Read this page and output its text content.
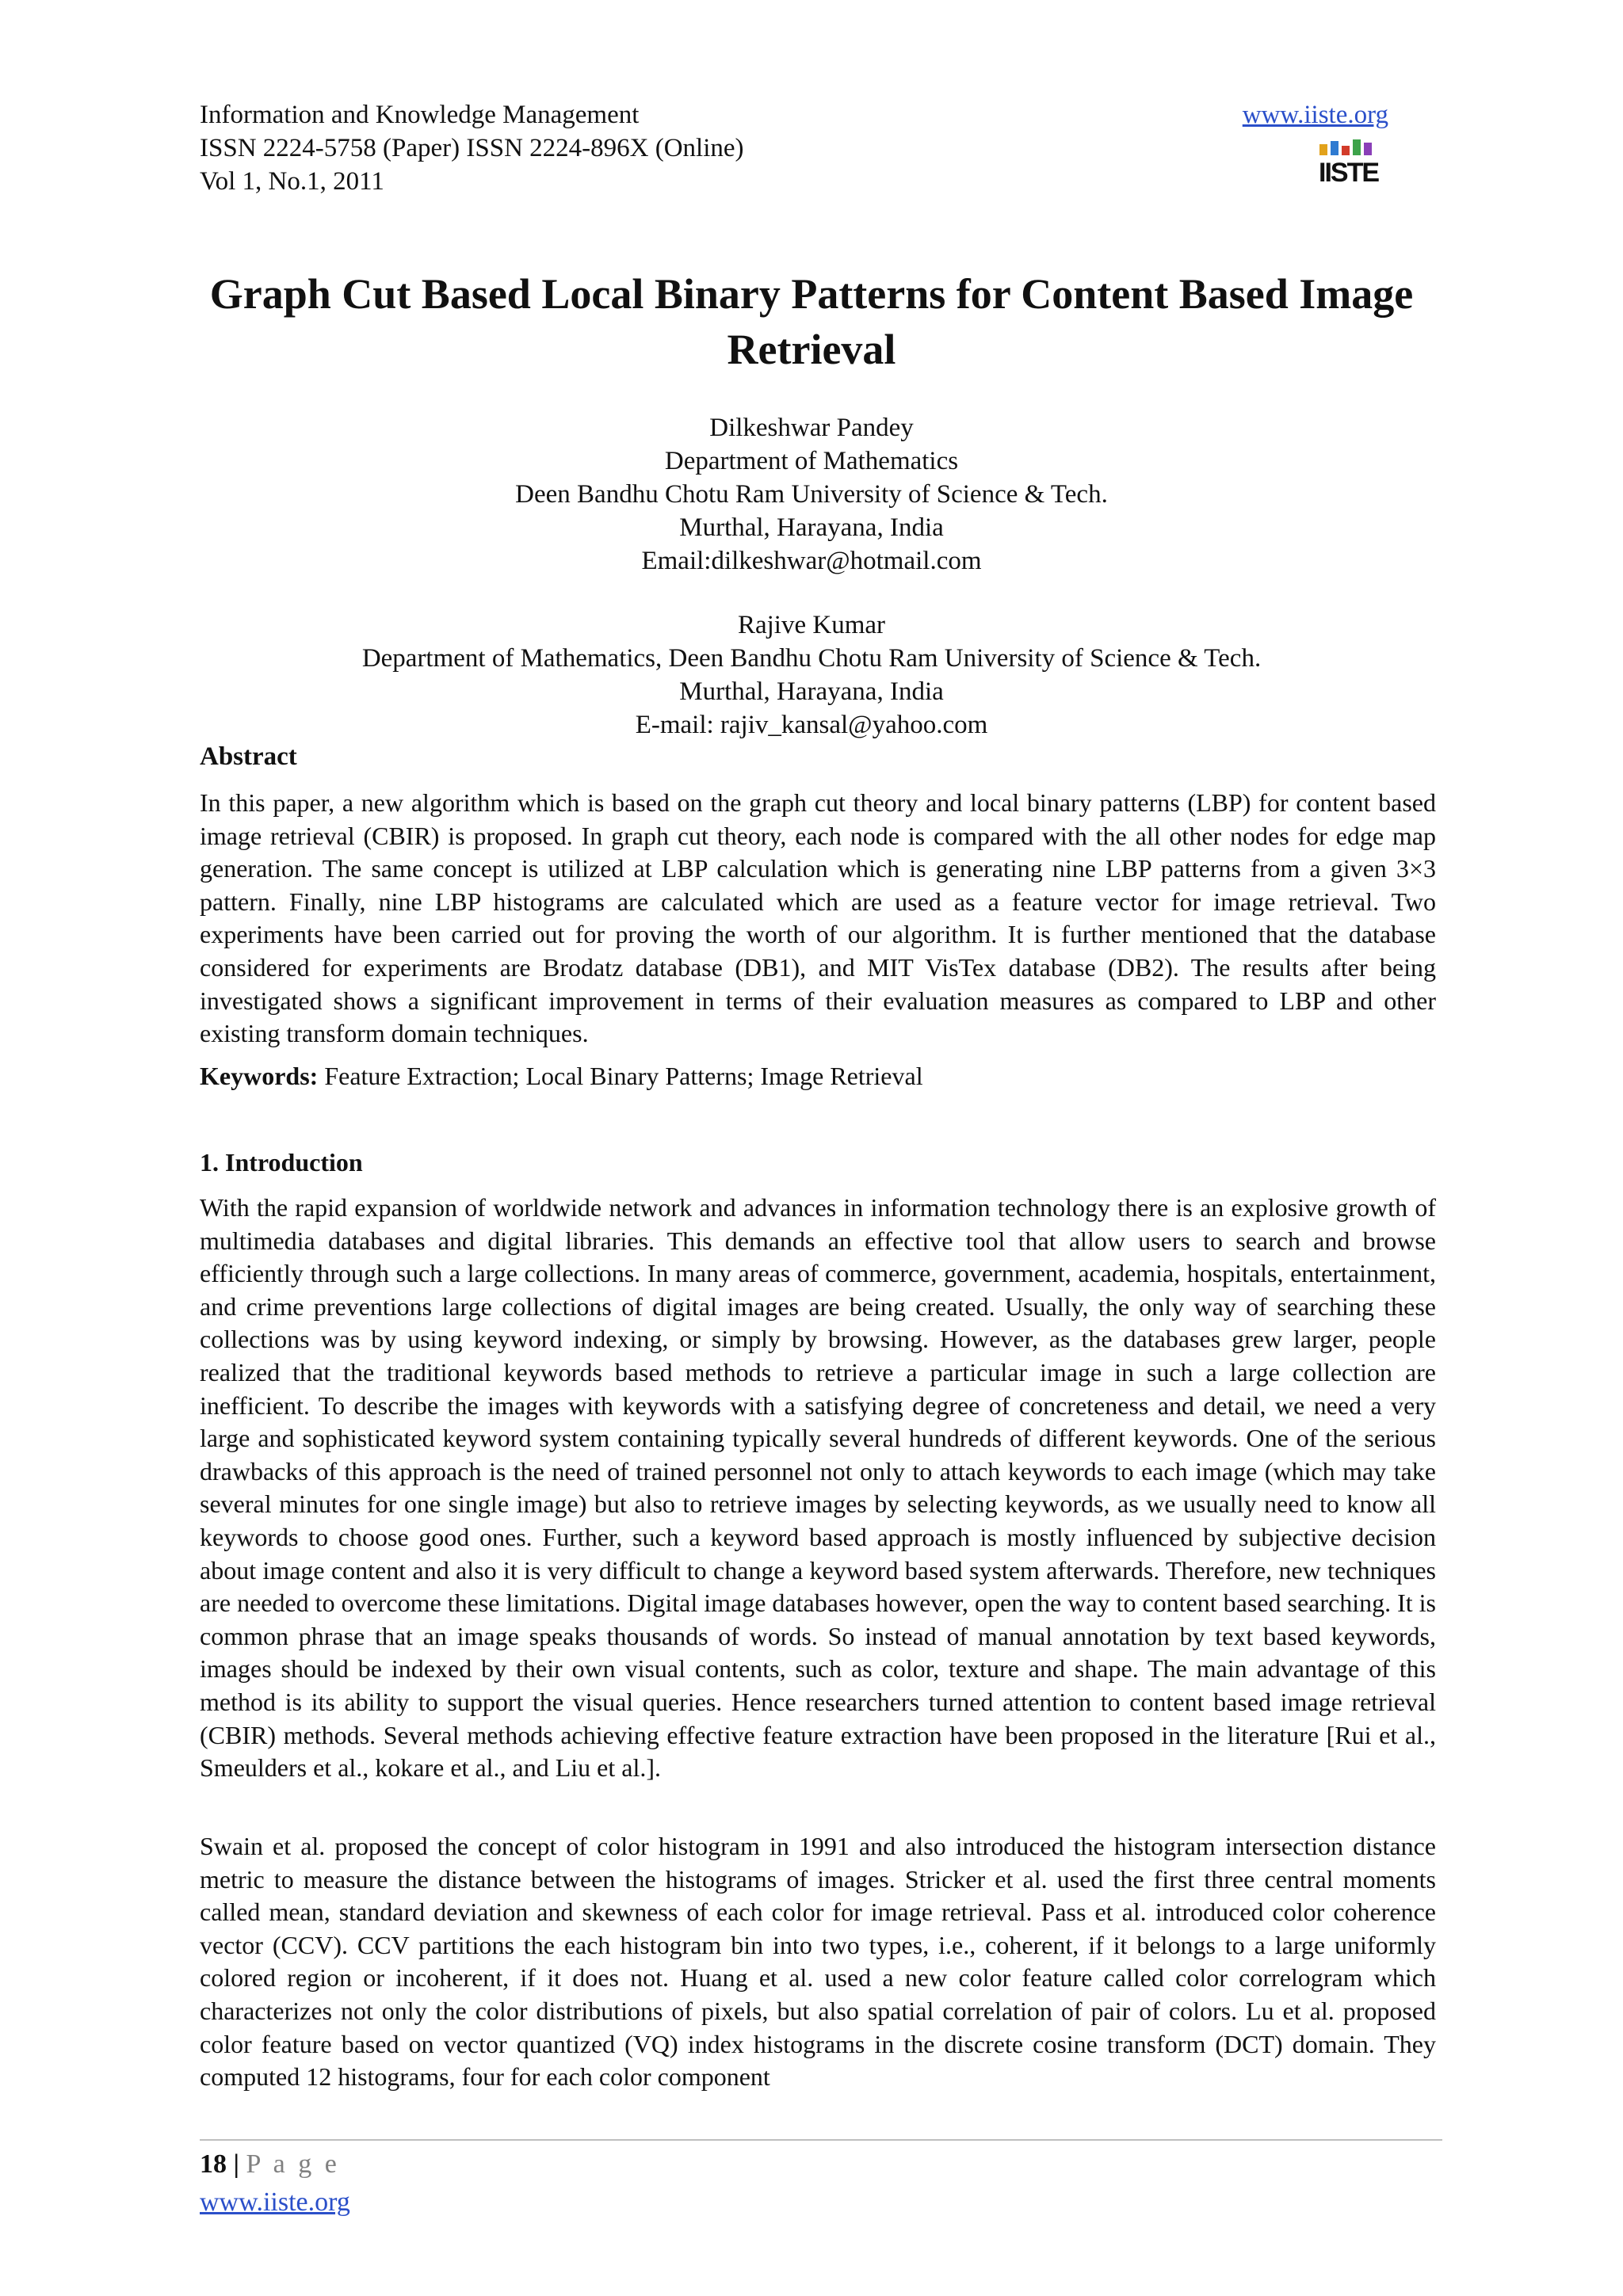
Information and Knowledge Management
ISSN 2224-5758 (Paper) ISSN 2224-896X (Online)
Vol 1, No.1, 2011
www.iiste.org
IISTE
Graph Cut Based Local Binary Patterns for Content Based Image Retrieval
Dilkeshwar Pandey
Department of Mathematics
Deen Bandhu Chotu Ram University of Science & Tech.
Murthal, Harayana, India
Email:dilkeshwar@hotmail.com
Rajive Kumar
Department of Mathematics, Deen Bandhu Chotu Ram University of Science & Tech.
Murthal, Harayana, India
E-mail: rajiv_kansal@yahoo.com
Abstract
In this paper, a new algorithm which is based on the graph cut theory and local binary patterns (LBP) for content based image retrieval (CBIR) is proposed. In graph cut theory, each node is compared with the all other nodes for edge map generation. The same concept is utilized at LBP calculation which is generating nine LBP patterns from a given 3×3 pattern. Finally, nine LBP histograms are calculated which are used as a feature vector for image retrieval. Two experiments have been carried out for proving the worth of our algorithm. It is further mentioned that the database considered for experiments are Brodatz database (DB1), and MIT VisTex database (DB2). The results after being investigated shows a significant improvement in terms of their evaluation measures as compared to LBP and other existing transform domain techniques.
Keywords: Feature Extraction; Local Binary Patterns; Image Retrieval
1. Introduction
With the rapid expansion of worldwide network and advances in information technology there is an explosive growth of multimedia databases and digital libraries. This demands an effective tool that allow users to search and browse efficiently through such a large collections. In many areas of commerce, government, academia, hospitals, entertainment, and crime preventions large collections of digital images are being created. Usually, the only way of searching these collections was by using keyword indexing, or simply by browsing. However, as the databases grew larger, people realized that the traditional keywords based methods to retrieve a particular image in such a large collection are inefficient. To describe the images with keywords with a satisfying degree of concreteness and detail, we need a very large and sophisticated keyword system containing typically several hundreds of different keywords. One of the serious drawbacks of this approach is the need of trained personnel not only to attach keywords to each image (which may take several minutes for one single image) but also to retrieve images by selecting keywords, as we usually need to know all keywords to choose good ones. Further, such a keyword based approach is mostly influenced by subjective decision about image content and also it is very difficult to change a keyword based system afterwards. Therefore, new techniques are needed to overcome these limitations. Digital image databases however, open the way to content based searching. It is common phrase that an image speaks thousands of words. So instead of manual annotation by text based keywords, images should be indexed by their own visual contents, such as color, texture and shape. The main advantage of this method is its ability to support the visual queries. Hence researchers turned attention to content based image retrieval (CBIR) methods. Several methods achieving effective feature extraction have been proposed in the literature [Rui et al., Smeulders et al., kokare et al., and Liu et al.].
Swain et al. proposed the concept of color histogram in 1991 and also introduced the histogram intersection distance metric to measure the distance between the histograms of images. Stricker et al. used the first three central moments called mean, standard deviation and skewness of each color for image retrieval. Pass et al. introduced color coherence vector (CCV). CCV partitions the each histogram bin into two types, i.e., coherent, if it belongs to a large uniformly colored region or incoherent, if it does not. Huang et al. used a new color feature called color correlogram which characterizes not only the color distributions of pixels, but also spatial correlation of pair of colors. Lu et al. proposed color feature based on vector quantized (VQ) index histograms in the discrete cosine transform (DCT) domain. They computed 12 histograms, four for each color component
18 | P a g e
www.iiste.org
